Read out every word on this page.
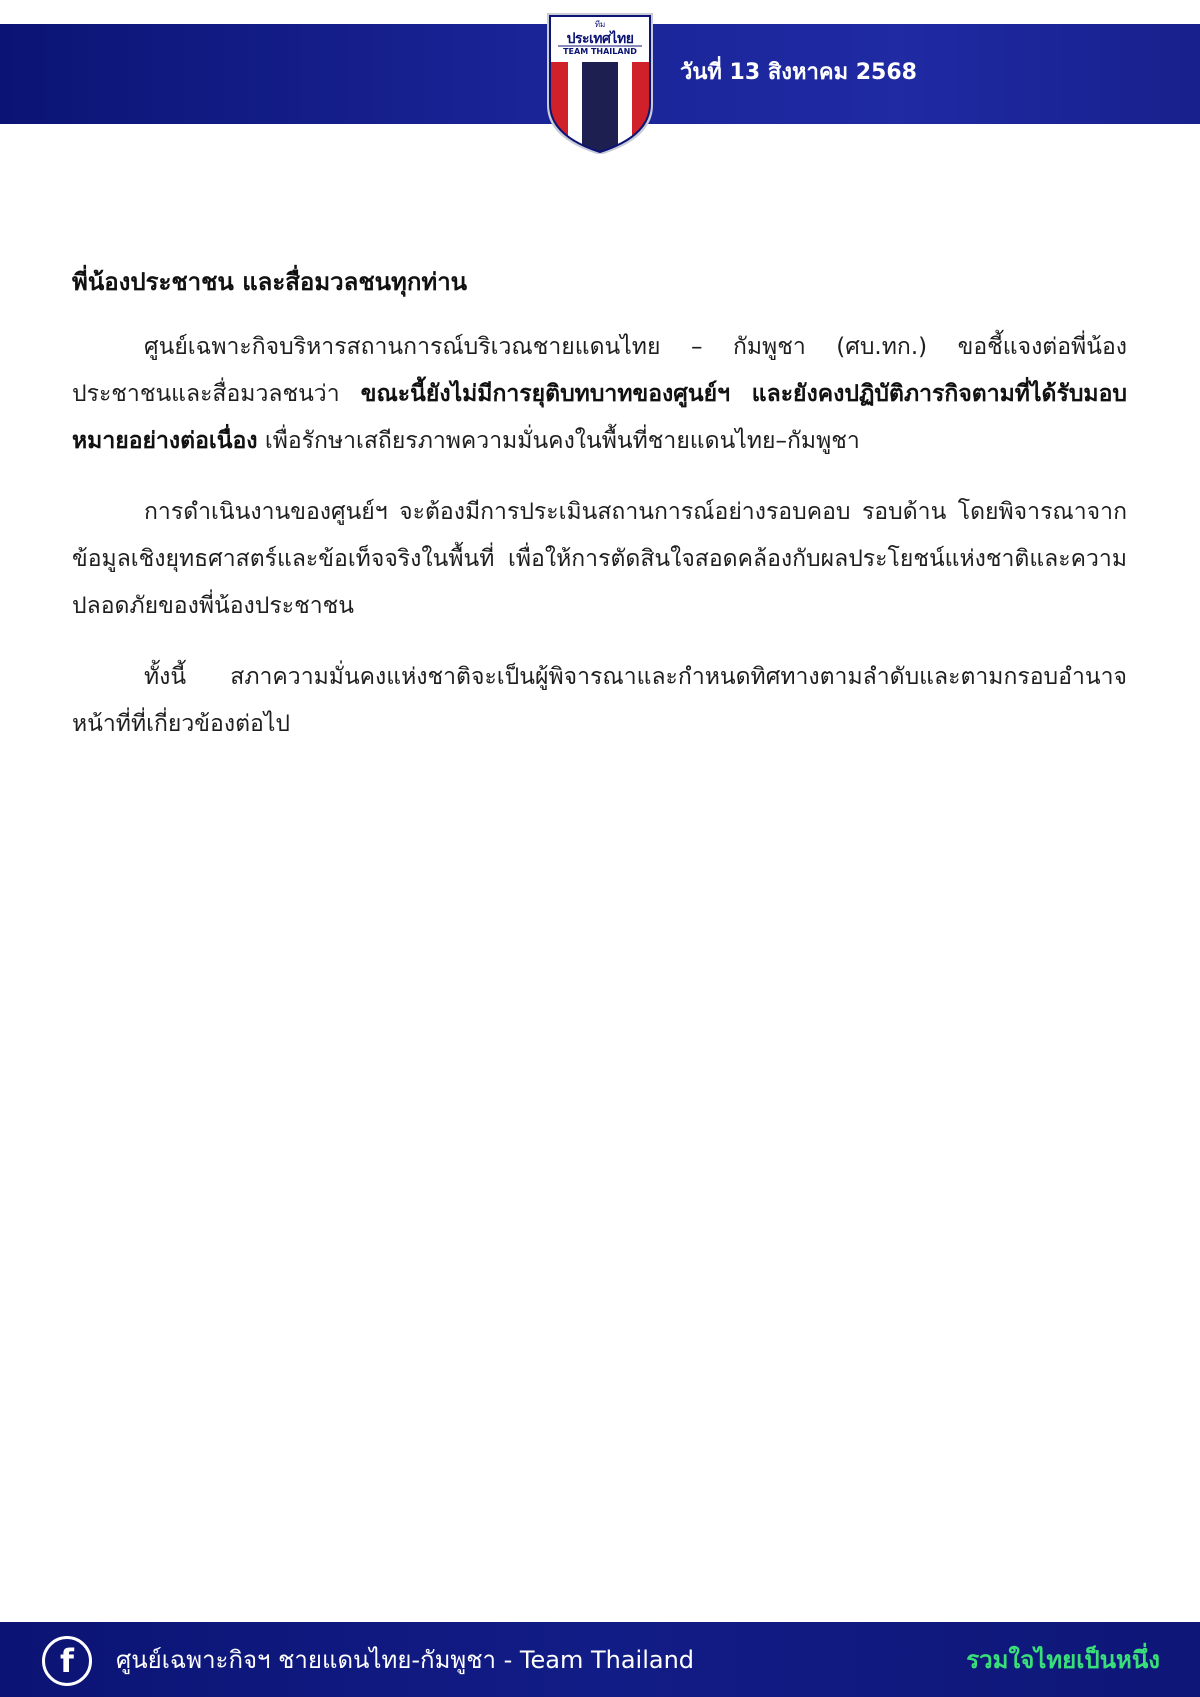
วันที่ 13 สิงหาคม 2568
ทีม
ประเทศไทย
TEAM THAILAND
พี่น้องประชาชน และสื่อมวลชนทุกท่าน

ศูนย์เฉพาะกิจบริหารสถานการณ์บริเวณชายแดนไทย – กัมพูชา (ศบ.ทก.) ขอชี้แจงต่อพี่น้องประชาชนและสื่อมวลชนว่า ขณะนี้ยังไม่มีการยุติบทบาทของศูนย์ฯ และยังคงปฏิบัติภารกิจตามที่ได้รับมอบหมายอย่างต่อเนื่อง เพื่อรักษาเสถียรภาพความมั่นคงในพื้นที่ชายแดนไทย–กัมพูชา

การดำเนินงานของศูนย์ฯ จะต้องมีการประเมินสถานการณ์อย่างรอบคอบ รอบด้าน โดยพิจารณาจากข้อมูลเชิงยุทธศาสตร์และข้อเท็จจริงในพื้นที่ เพื่อให้การตัดสินใจสอดคล้องกับผลประโยชน์แห่งชาติและความปลอดภัยของพี่น้องประชาชน

ทั้งนี้ สภาความมั่นคงแห่งชาติจะเป็นผู้พิจารณาและกำหนดทิศทางตามลำดับและตามกรอบอำนาจหน้าที่ที่เกี่ยวข้องต่อไป

f	ศูนย์เฉพาะกิจฯ ชายแดนไทย-กัมพูชา - Team Thailand	รวมใจไทยเป็นหนึ่ง
